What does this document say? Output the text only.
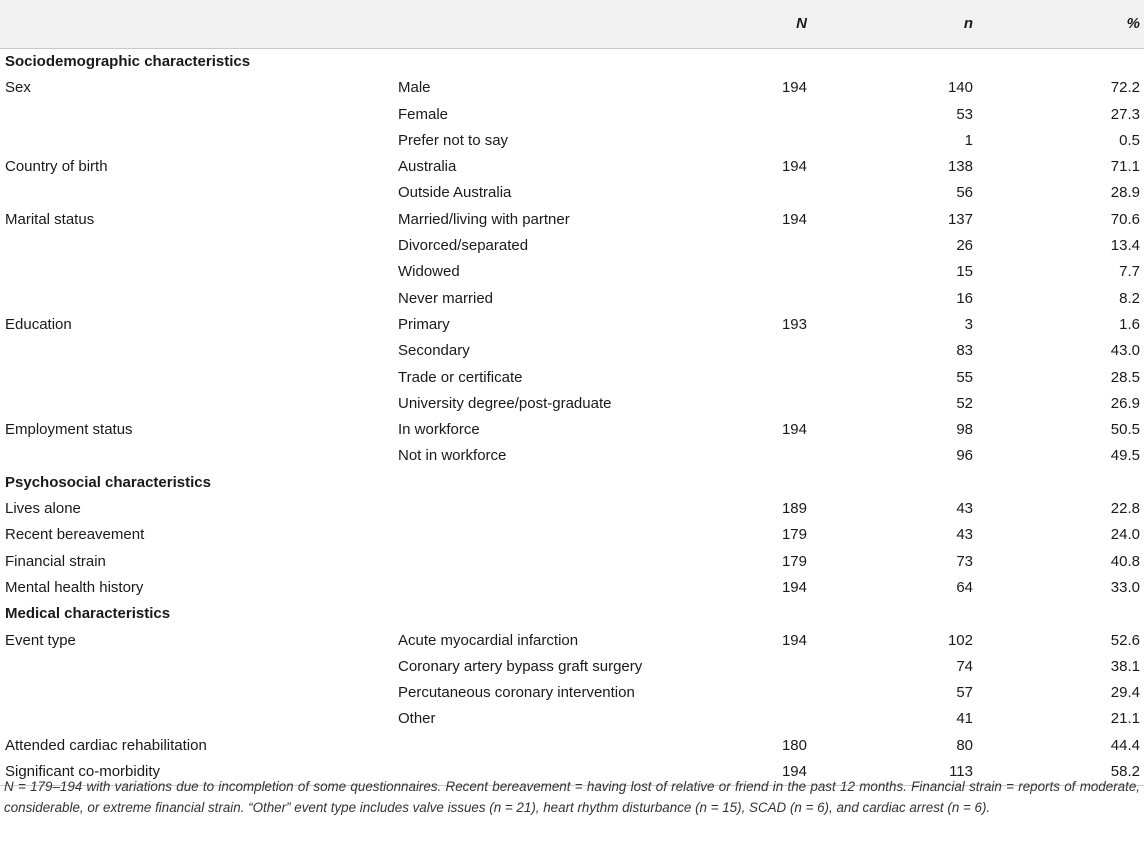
		N	n	%
Sociodemographic characteristics				
Sex	Male	194	140	72.2
	Female		53	27.3
	Prefer not to say		1	0.5
Country of birth	Australia	194	138	71.1
	Outside Australia		56	28.9
Marital status	Married/living with partner	194	137	70.6
	Divorced/separated		26	13.4
	Widowed		15	7.7
	Never married		16	8.2
Education	Primary	193	3	1.6
	Secondary		83	43.0
	Trade or certificate		55	28.5
	University degree/post-graduate		52	26.9
Employment status	In workforce	194	98	50.5
	Not in workforce		96	49.5
Psychosocial characteristics				
Lives alone		189	43	22.8
Recent bereavement		179	43	24.0
Financial strain		179	73	40.8
Mental health history		194	64	33.0
Medical characteristics				
Event type	Acute myocardial infarction	194	102	52.6
	Coronary artery bypass graft surgery		74	38.1
	Percutaneous coronary intervention		57	29.4
	Other		41	21.1
Attended cardiac rehabilitation		180	80	44.4
Significant co-morbidity		194	113	58.2
N = 179–194 with variations due to incompletion of some questionnaires. Recent bereavement = having lost of relative or friend in the past 12 months. Financial strain = reports of moderate, considerable, or extreme financial strain. “Other” event type includes valve issues (n = 21), heart rhythm disturbance (n = 15), SCAD (n = 6), and cardiac arrest (n = 6).
